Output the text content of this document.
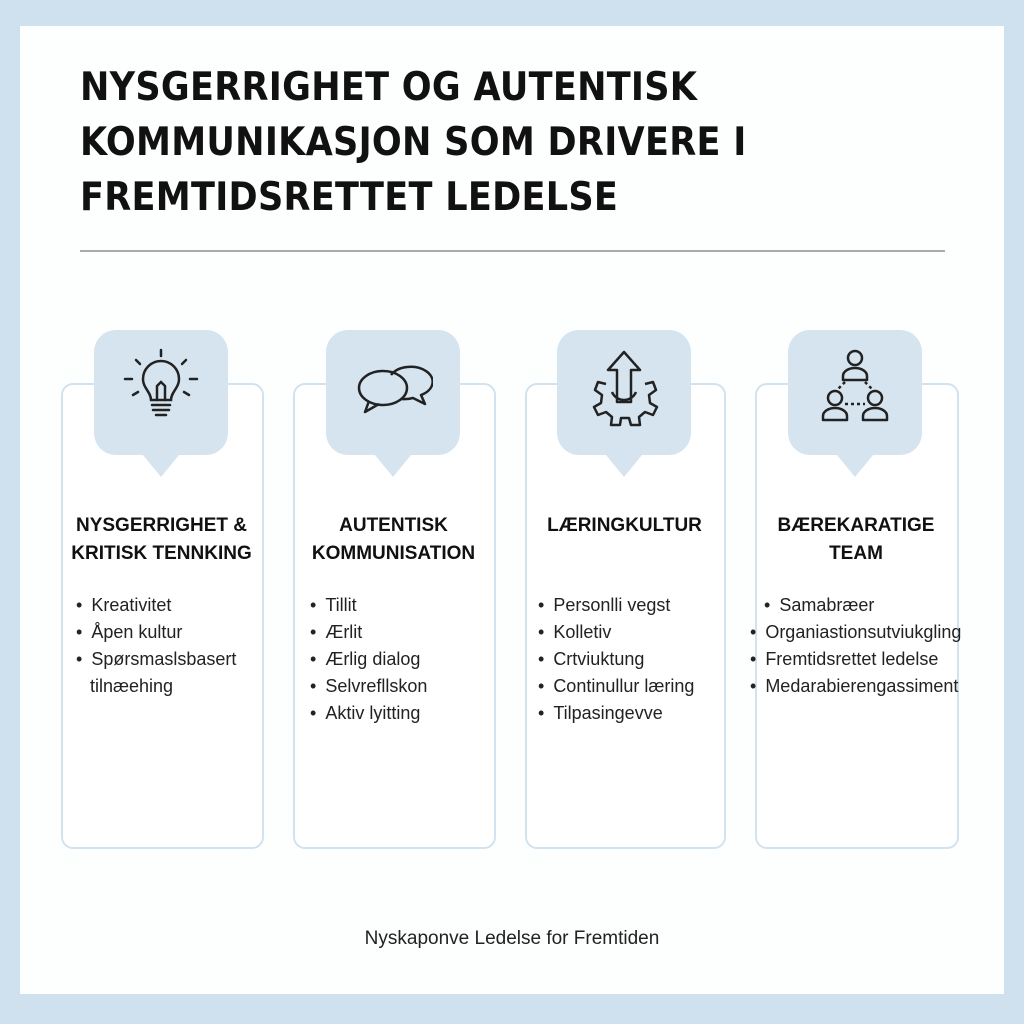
NYSGERRIGHET OG AUTENTISK
KOMMUNIKASJON SOM DRIVERE I
FREMTIDSRETTET LEDELSE
NYSGERRIGHET &
KRITISK TENNKING
• Kreativitet
• Åpen kultur
• Spørsmaslsbasert
tilnæehing
AUTENTISK
KOMMUNISATION
• Tillit
• Ærlit
• Ærlig dialog
• Selvrefllskon
• Aktiv lyitting
LÆRINGKULTUR
• Personlli vegst
• Kolletiv
• Crtviuktung
• Continullur læring
• Tilpasingevve
BÆREKARATIGE
TEAM
• Samabræer
• Organiastionsutviukgling
• Fremtidsrettet ledelse
• Medarabierengassiment
Nyskaponve Ledelse for Fremtiden
